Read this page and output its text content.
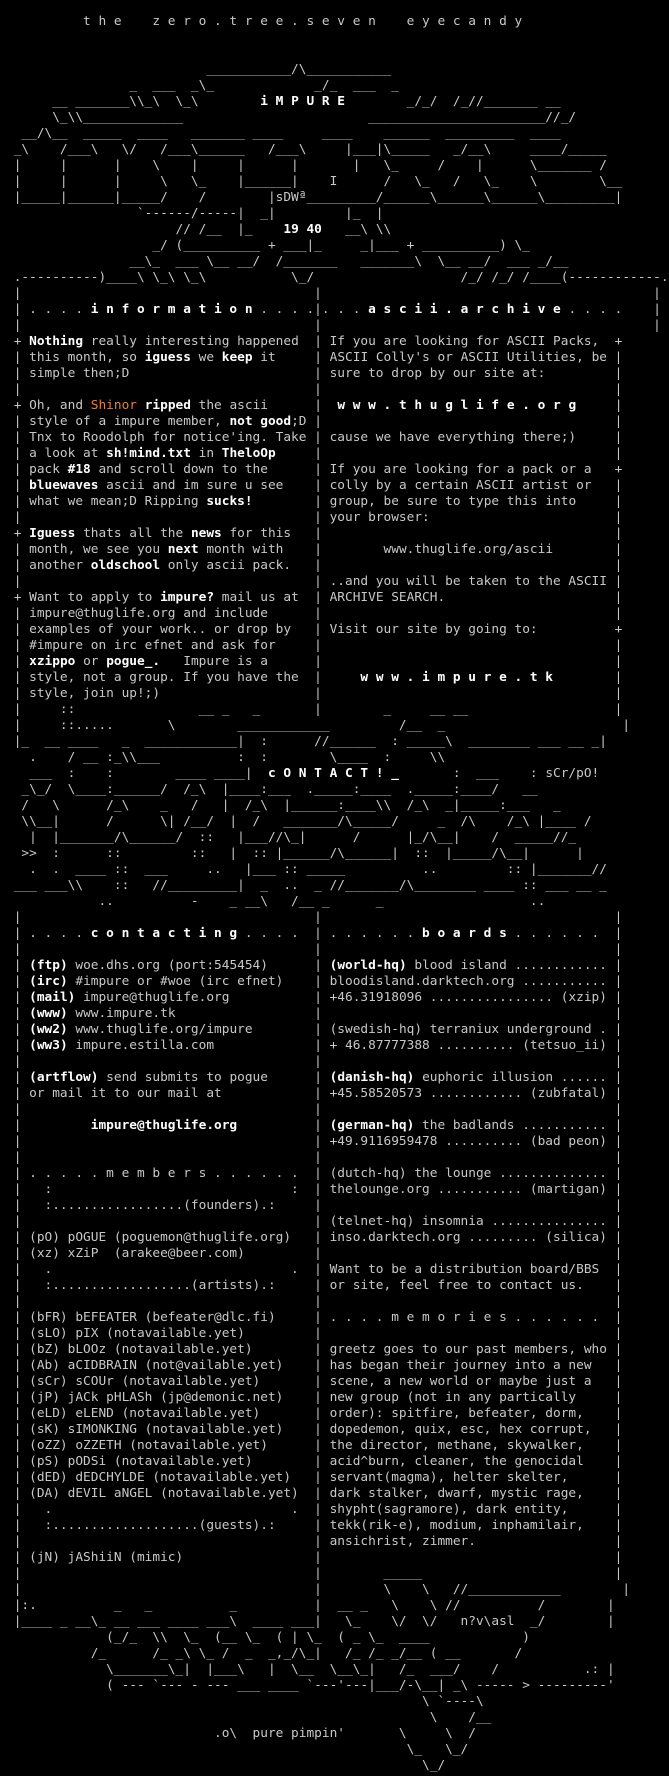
t h e    z e r o . t r e e . s e v e n    e y e c a n d y
___________/\___________
_  ___  _\_             _/_  ___  _
__ _______\\_\  \_\        i M P U R E        _/_/  /_//_______ __
\_\\_____________                        _______________________//_/
__/\__  _____  ____   _______ ____     ____    ______  _________  ____
_\    /___\   \/   /___\______   /___\     |___|\_____   _/__\     ____/_____
|     |      |    \    |     |      |       |   \_     /    |      \_______ /
|     |      |     \   \_    |______|    I      /   \_   /   \_    \        \__
|_____|______|_____/    /        |sDWª_________/______\______\______\_________|
`------/-----|  _|         |_  |
// /__  |_    19 40   __\ \\
_/ (__________ + ___|_     _|___ + __________) \_
__\_  ___ \__ __/  /_______   _______\  \__ __/  ___ _/__
.----------)____\ \_\ \_\           \_/                   /_/ /_/ /____(------------.
|                                      |                                           |
| . . . . i n f o r m a t i o n . . . .|. . . a s c i i . a r c h i v e . . . .    |
|                                      |                                           |
+ Nothing really interesting happened  | If you are looking for ASCII Packs,  +
| this month, so iguess we keep it     | ASCII Colly's or ASCII Utilities, be |
| simple then;D                        | sure to drop by our site at:         |
|                                      |                                      |
+ Oh, and Shinor ripped the ascii      |  w w w . t h u g l i f e . o r g     |
| style of a impure member, not good;D |                                      |
| Tnx to Roodolph for notice'ing. Take | cause we have everything there;)     |
| a look at sh!mind.txt in TheloOp     |                                      |
| pack #18 and scroll down to the      | If you are looking for a pack or a   +
| bluewaves ascii and im sure u see    | colly by a certain ASCII artist or   |
| what we mean;D Ripping sucks!        | group, be sure to type this into     |
|                                      | your browser:                        |
+ Iguess thats all the news for this   |                                      |
| month, we see you next month with    |        www.thuglife.org/ascii        |
| another oldschool only ascii pack.   |                                      |
|                                      | ..and you will be taken to the ASCII |
+ Want to apply to impure? mail us at  | ARCHIVE SEARCH.                      |
| impure@thuglife.org and include      |                                      |
| examples of your work.. or drop by   | Visit our site by going to:          +
| #impure on irc efnet and ask for     |                                      |
| xzippo or pogue_.   Impure is a      |                                      |
| style, not a group. If you have the  |     w w w . i m p u r e . t k        |
| style, join up!;)                    |                                      |
|     ::                __ _   _       |        _     __ __                   |
|     ::.....       \        ____________         /__  _                       |
|_  __ ____   _  ____________|  :      //______  : _____\  ________ ___ __ _|
.    / __ :_\\___          :  :        \____  :     \\
___  :    :        ____ ____|  c O N T A C T ! _       :  ___    : sCr/pO!
_\_/  \____:______/  /_\  |____:___  ._____:____  ._____:____/   __
/   \      /_\    _   /   |  /_\  |______:____\\  /_\  _|_____:___   _
\\__|      /      \| /__/  |  /   _______/\_____/     _  /\    /_\ |____ /
|  |_______/\______/  ::   |___//\_|      /      |_/\__|    /  _____//_
>>  :      ::         ::   |  :: |______/\______|  ::  |_____/\__|      |
.  .  ____ ::  ___     ..   |___ :: _____          ..         :: |_______//
___ ___\\    ::   //_________|  _  ..  _ //_______/\________ ____ :: ___ __ _
..          -    _ __\   /__ _      _                   ..
|                                      |                                      |
| . . . . c o n t a c t i n g . . . .  | . . . . . . b o a r d s . . . . . .  |
|                                      |                                      |
| (ftp) woe.dhs.org (port:545454)      | (world-hq) blood island ............ |
| (irc) #impure or #woe (irc efnet)    | bloodisland.darktech.org ........... |
| (mail) impure@thuglife.org           | +46.31918096 ................ (xzip) |
| (www) www.impure.tk                  |                                      |
| (ww2) www.thuglife.org/impure        | (swedish-hq) terraniux underground . |
| (ww3) impure.estilla.com             | + 46.87777388 .......... (tetsuo_ii) |
|                                      |                                      |
| (artflow) send submits to pogue      | (danish-hq) euphoric illusion ...... |
| or mail it to our mail at            | +45.58520573 ............ (zubfatal) |
|                                      |                                      |
|         impure@thuglife.org          | (german-hq) the badlands ........... |
|                                      | +49.9116959478 .......... (bad peon) |
|                                      |                                      |
| . . . . . m e m b e r s . . . . . .  | (dutch-hq) the lounge .............. |
|   :                               :  | thelounge.org ........... (martigan) |
|   :.................(founders).:     |                                      |
|                                      | (telnet-hq) insomnia ............... |
| (pO) pOGUE (poguemon@thuglife.org)   | inso.darktech.org ......... (silica) |
| (xz) xZiP  (arakee@beer.com)         |                                      |
|   .                               .  | Want to be a distribution board/BBS  |
|   :..................(artists).:     | or site, feel free to contact us.    |
|                                      |                                      |
| (bFR) bEFEATER (befeater@dlc.fi)     | . . . . m e m o r i e s . . . . . .  |
| (sLO) pIX (notavailable.yet)         |                                      |
| (bZ) bLOOz (notavailable.yet)        | greetz goes to our past members, who |
| (Ab) aCIDBRAIN (not@vailable.yet)    | has began their journey into a new   |
| (sCr) sCOUr (notavailable.yet)       | scene, a new world or maybe just a   |
| (jP) jACk pHLASh (jp@demonic.net)    | new group (not in any partically     |
| (eLD) eLEND (notavailable.yet)       | order): spitfire, befeater, dorm,    |
| (sK) sIMONKING (notavailable.yet)    | dopedemon, quix, esc, hex corrupt,   |
| (oZZ) oZZETH (notavailable.yet)      | the director, methane, skywalker,    |
| (pS) pODSi (notavailable.yet)        | acid^burn, cleaner, the genocidal    |
| (dED) dEDCHYLDE (notavailable.yet)   | servant(magma), helter skelter,      |
| (DA) dEVIL aNGEL (notavailable.yet)  | dark stalker, dwarf, mystic rage,    |
|   .                               .  | shypht(sagramore), dark entity,      |
|   :...................(guests).:     | tekk(rik-e), modium, inphamilair,    |
|                                      | ansichrist, zimmer.                  |
| (jN) jAShiiN (mimic)                 |                                      |
|                                      |        _____                         |
|                                      |        \    \   //____________        |
|:.          _   _          _          |  __ _   \    \ //          /        |
|____ _ __\_ __ ___ ____ ___\  ____ ___|   \_    \/  \/   n?v\asl  _/        |
(_/_  \\  \_  (__ \_  ( | \_  ( _ \_  ____            )
/_      /_ _\ \_ /  _  _,_/\_|   /_ /_ _/__ ( __       /
\_______\_|  |___\   |  \__  \__\_|   /_  ___/    /           .: |
( --- `--- - --- ___ ____ `---'---|___/-\__| _\ ----- > ---------'
\ `----\
\    /__
.o\  pure pimpin'       \     \  /
\_   \_/
\_/
